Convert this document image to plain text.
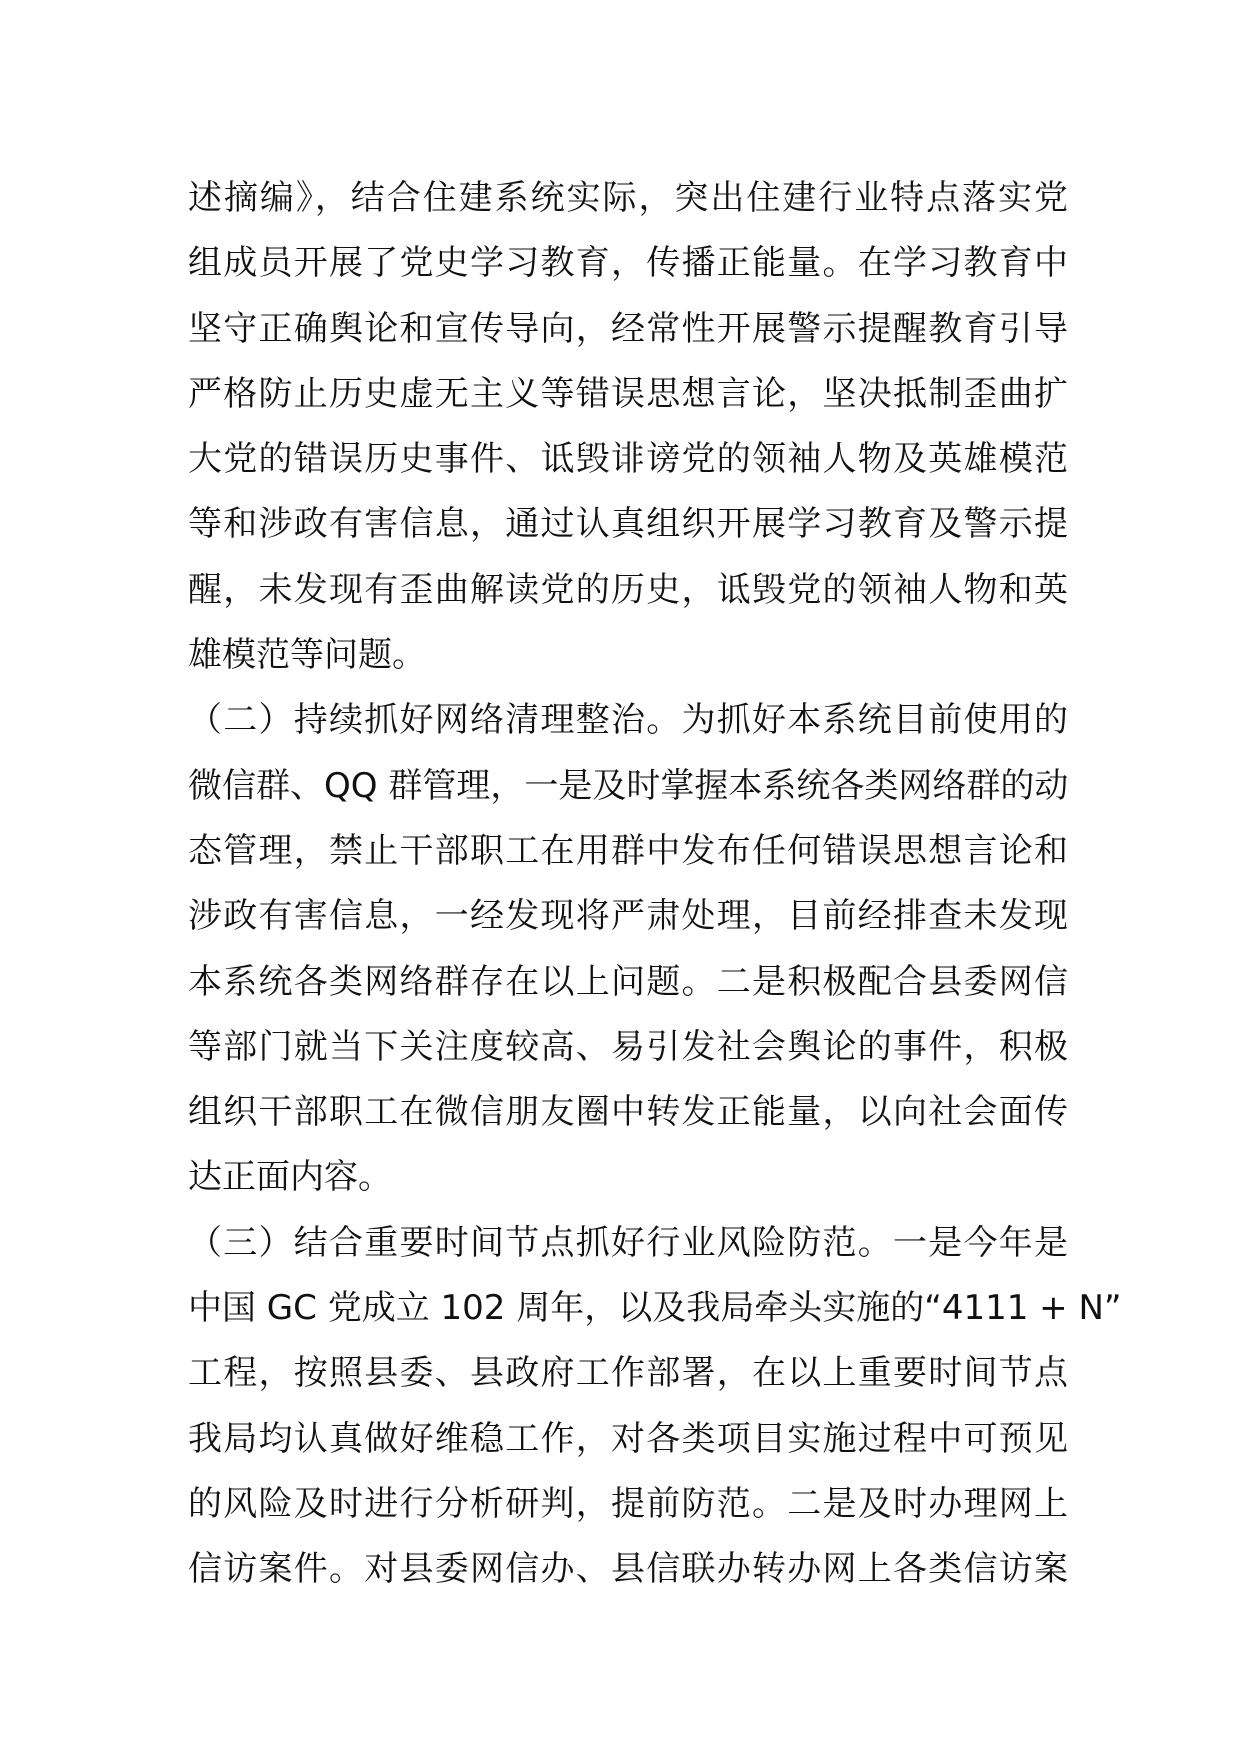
述摘编》，结合住建系统实际，突出住建行业特点落实党
组成员开展了党史学习教育，传播正能量。在学习教育中
坚守正确舆论和宣传导向，经常性开展警示提醒教育引导
严格防止历史虚无主义等错误思想言论，坚决抵制歪曲扩
大党的错误历史事件、诋毁诽谤党的领袖人物及英雄模范
等和涉政有害信息，通过认真组织开展学习教育及警示提
醒，未发现有歪曲解读党的历史，诋毁党的领袖人物和英
雄模范等问题。
（二）持续抓好网络清理整治。为抓好本系统目前使用的
微信群、QQ 群管理，一是及时掌握本系统各类网络群的动
态管理，禁止干部职工在用群中发布任何错误思想言论和
涉政有害信息，一经发现将严肃处理，目前经排查未发现
本系统各类网络群存在以上问题。二是积极配合县委网信
等部门就当下关注度较高、易引发社会舆论的事件，积极
组织干部职工在微信朋友圈中转发正能量，以向社会面传
达正面内容。
（三）结合重要时间节点抓好行业风险防范。一是今年是
中国 GC 党成立 102 周年，以及我局牵头实施的“4111 + N”
工程，按照县委、县政府工作部署，在以上重要时间节点
我局均认真做好维稳工作，对各类项目实施过程中可预见
的风险及时进行分析研判，提前防范。二是及时办理网上
信访案件。对县委网信办、县信联办转办网上各类信访案
